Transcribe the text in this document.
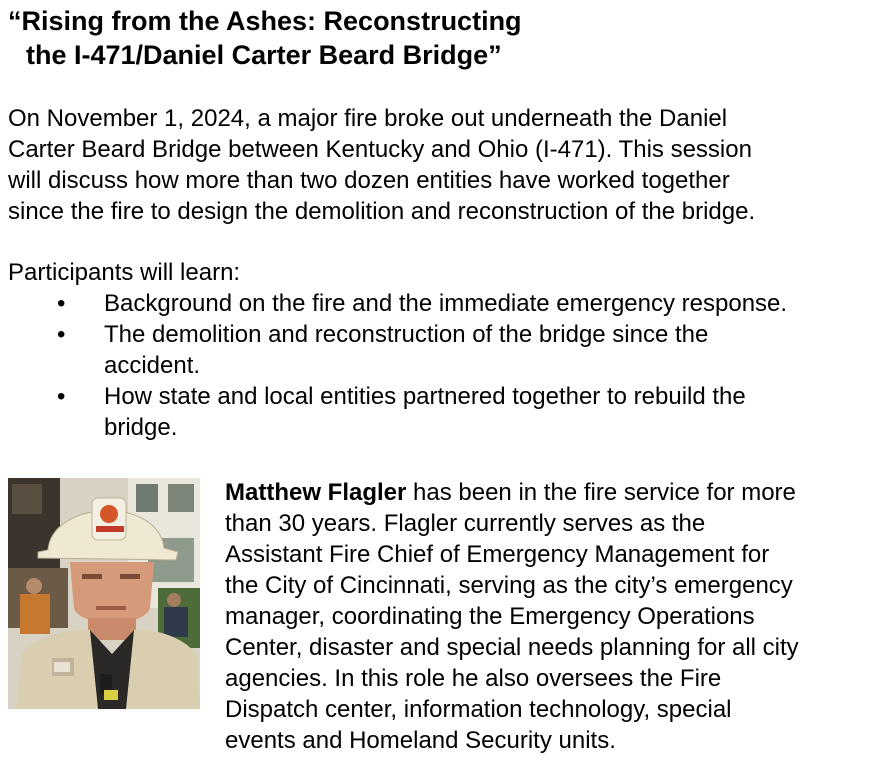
“Rising from the Ashes: Reconstructing
the I-471/Daniel Carter Beard Bridge”
On November 1, 2024, a major fire broke out underneath the Daniel
Carter Beard Bridge between Kentucky and Ohio (I-471). This session
will discuss how more than two dozen entities have worked together
since the fire to design the demolition and reconstruction of the bridge.
Participants will learn:
• Background on the fire and the immediate emergency response.
• The demolition and reconstruction of the bridge since the
accident.
• How state and local entities partnered together to rebuild the
bridge.
Matthew Flagler has been in the fire service for more
than 30 years. Flagler currently serves as the
Assistant Fire Chief of Emergency Management for
the City of Cincinnati, serving as the city’s emergency
manager, coordinating the Emergency Operations
Center, disaster and special needs planning for all city
agencies. In this role he also oversees the Fire
Dispatch center, information technology, special
events and Homeland Security units.
